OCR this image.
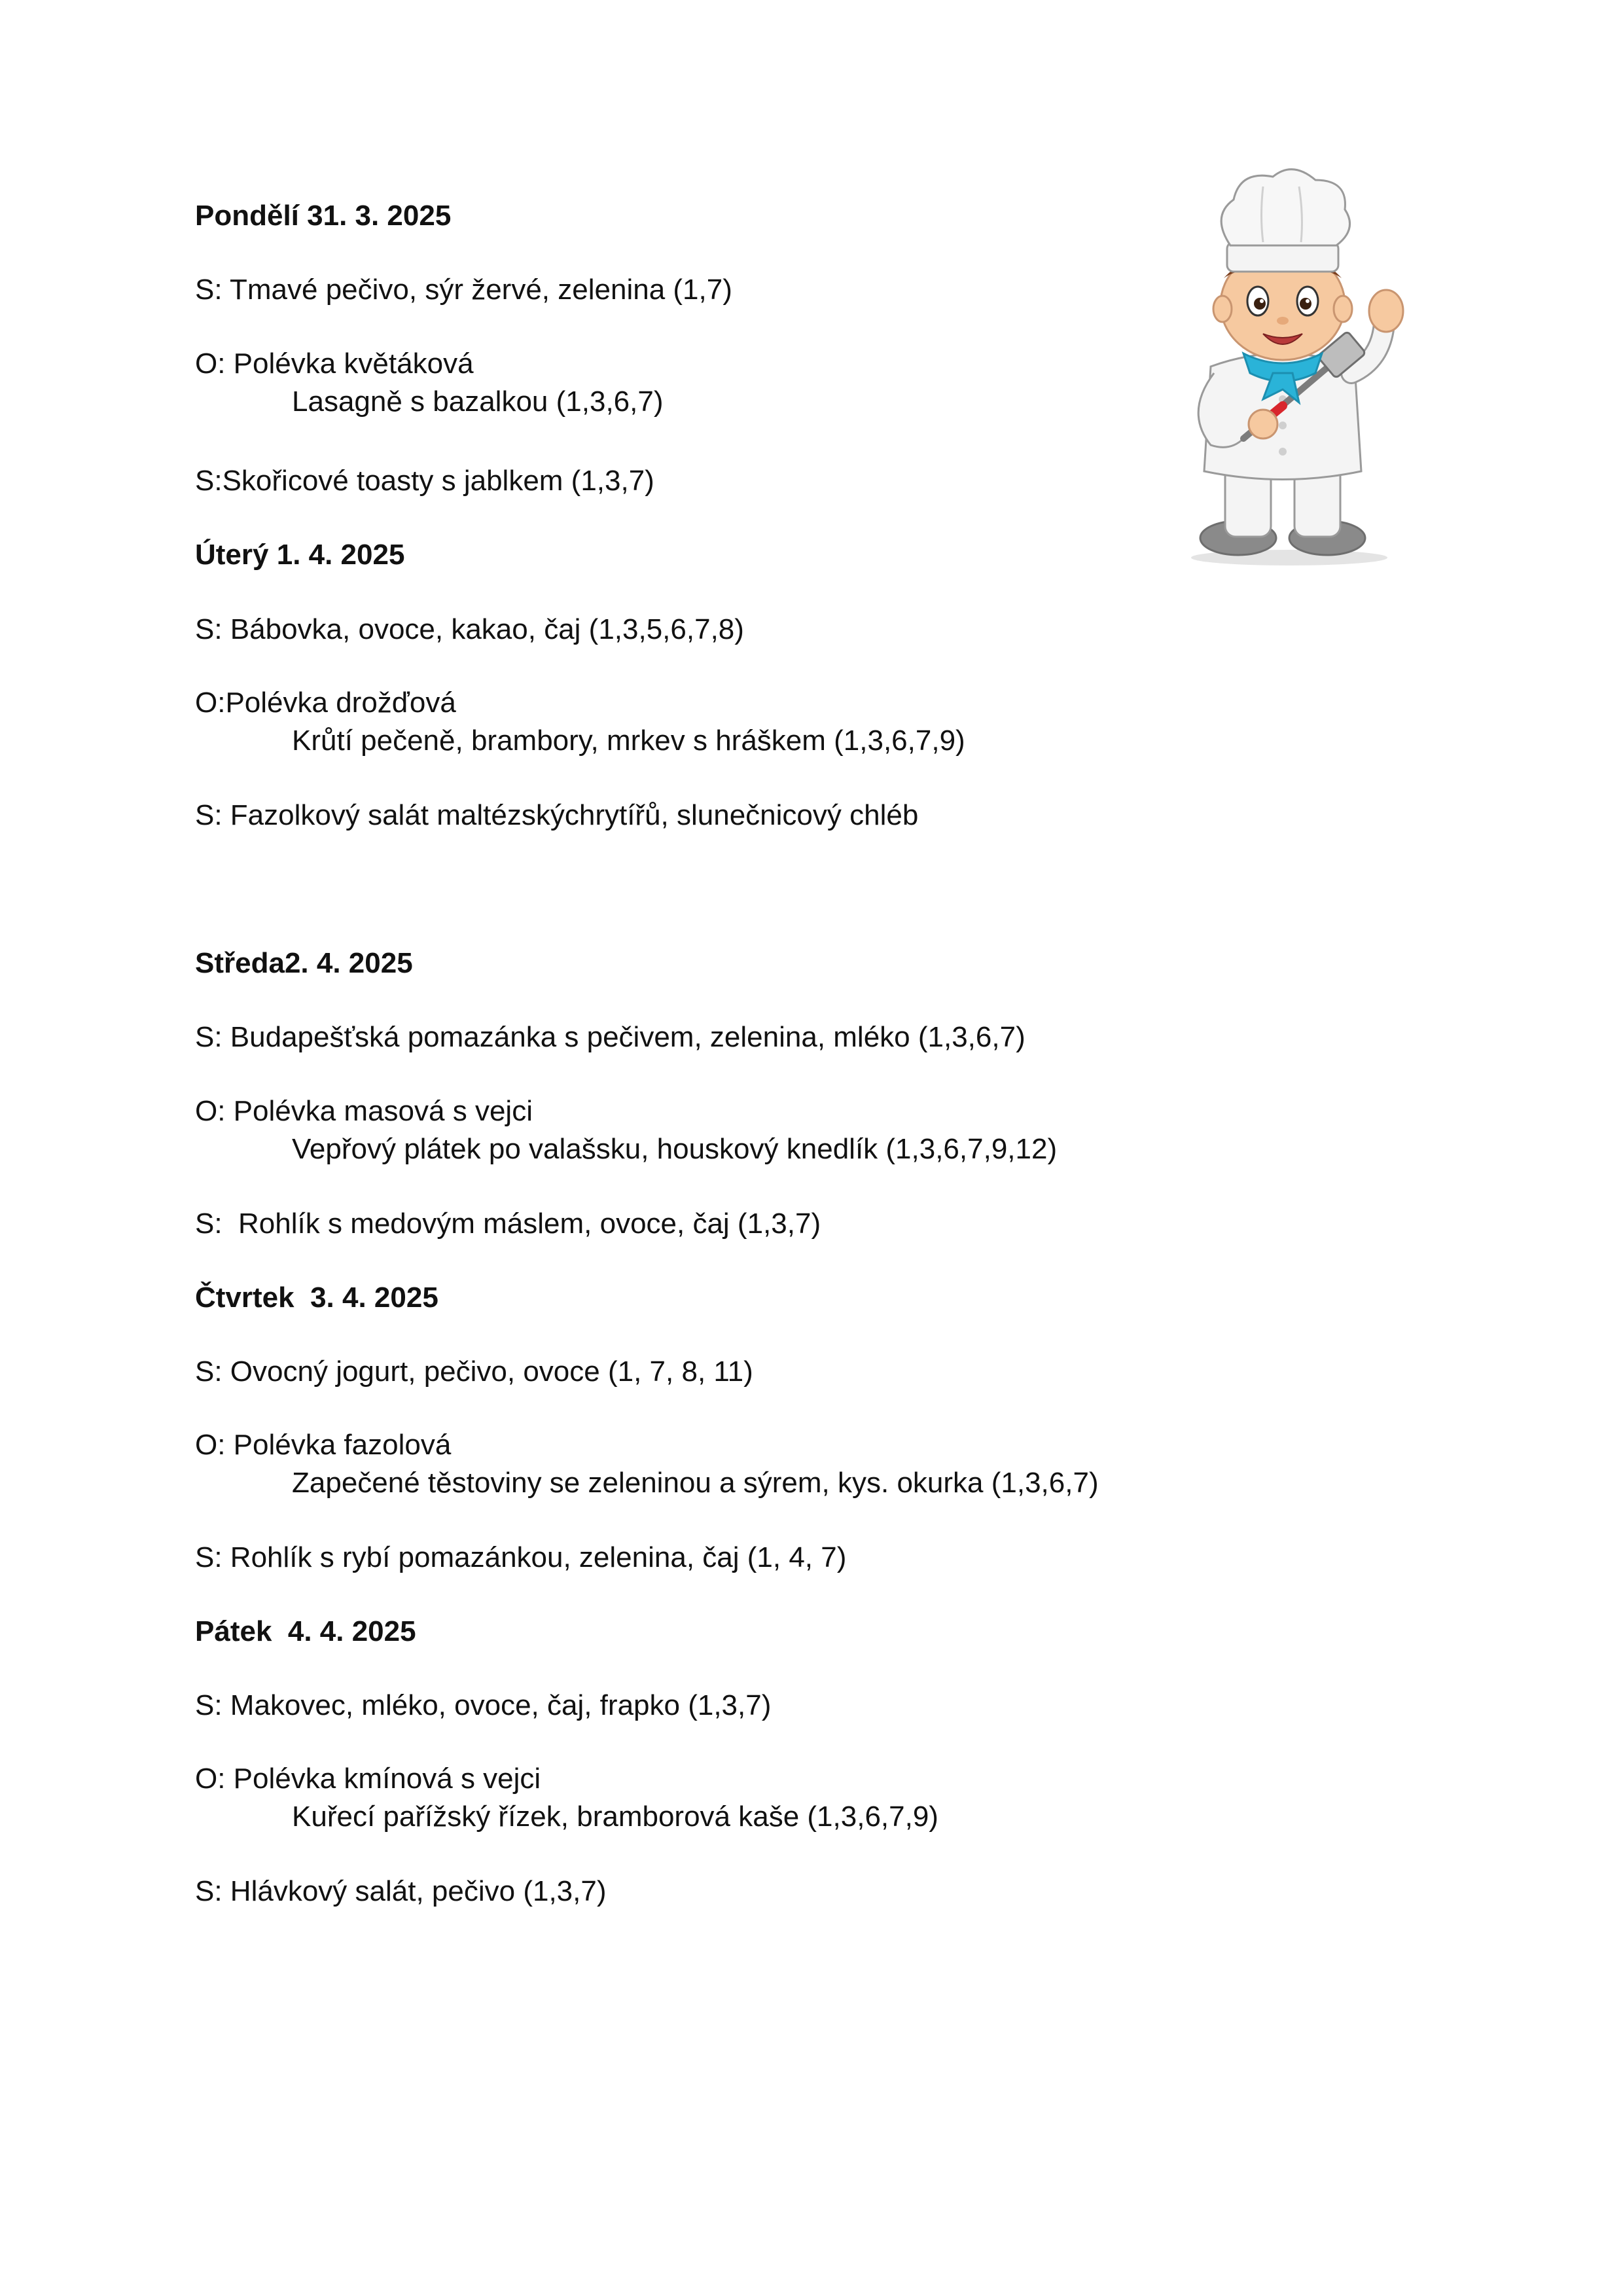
Pondělí 31. 3. 2025
S: Tmavé pečivo, sýr žervé, zelenina (1,7)
O: Polévka květáková
Lasagně s bazalkou (1,3,6,7)
S:Skořicové toasty s jablkem (1,3,7)
Úterý 1. 4. 2025
S: Bábovka, ovoce, kakao, čaj (1,3,5,6,7,8)
O:Polévka drožďová
Krůtí pečeně, brambory, mrkev s hráškem (1,3,6,7,9)
S: Fazolkový salát maltézskýchrytířů, slunečnicový chléb
Středa2. 4. 2025
S: Budapešťská pomazánka s pečivem, zelenina, mléko (1,3,6,7)
O: Polévka masová s vejci
Vepřový plátek po valašsku, houskový knedlík (1,3,6,7,9,12)
S:  Rohlík s medovým máslem, ovoce, čaj (1,3,7)
Čtvrtek  3. 4. 2025
S: Ovocný jogurt, pečivo, ovoce (1, 7, 8, 11)
O: Polévka fazolová
Zapečené těstoviny se zeleninou a sýrem, kys. okurka (1,3,6,7)
S: Rohlík s rybí pomazánkou, zelenina, čaj (1, 4, 7)
Pátek  4. 4. 2025
S: Makovec, mléko, ovoce, čaj, frapko (1,3,7)
O: Polévka kmínová s vejci
Kuřecí pařížský řízek, bramborová kaše (1,3,6,7,9)
S: Hlávkový salát, pečivo (1,3,7)
